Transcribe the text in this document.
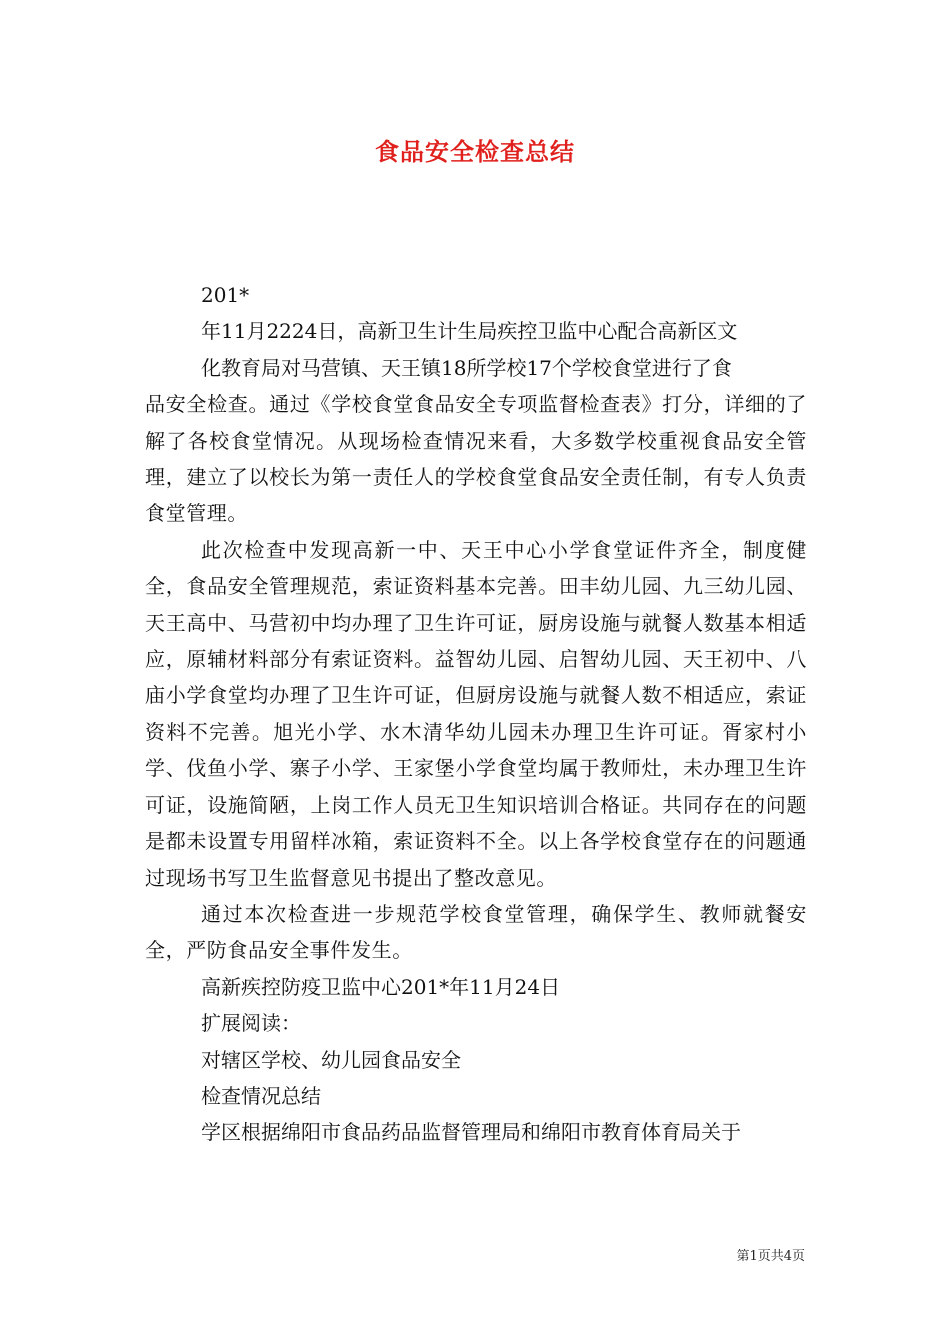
食品安全检查总结

201*

年11月2224日，高新卫生计生局疾控卫监中心配合高新区文

化教育局对马营镇、天王镇18所学校17个学校食堂进行了食

品安全检查。通过《学校食堂食品安全专项监督检查表》打分，详细的了解了各校食堂情况。从现场检查情况来看，大多数学校重视食品安全管理，建立了以校长为第一责任人的学校食堂食品安全责任制，有专人负责食堂管理。

此次检查中发现高新一中、天王中心小学食堂证件齐全，制度健全，食品安全管理规范，索证资料基本完善。田丰幼儿园、九三幼儿园、天王高中、马营初中均办理了卫生许可证，厨房设施与就餐人数基本相适应，原辅材料部分有索证资料。益智幼儿园、启智幼儿园、天王初中、八庙小学食堂均办理了卫生许可证，但厨房设施与就餐人数不相适应，索证资料不完善。旭光小学、水木清华幼儿园未办理卫生许可证。胥家村小学、伐鱼小学、寨子小学、王家堡小学食堂均属于教师灶，未办理卫生许可证，设施简陋，上岗工作人员无卫生知识培训合格证。共同存在的问题是都未设置专用留样冰箱，索证资料不全。以上各学校食堂存在的问题通过现场书写卫生监督意见书提出了整改意见。

通过本次检查进一步规范学校食堂管理，确保学生、教师就餐安全，严防食品安全事件发生。

高新疾控防疫卫监中心201*年11月24日

扩展阅读：

对辖区学校、幼儿园食品安全

检查情况总结

学区根据绵阳市食品药品监督管理局和绵阳市教育体育局关于

第1页共4页
